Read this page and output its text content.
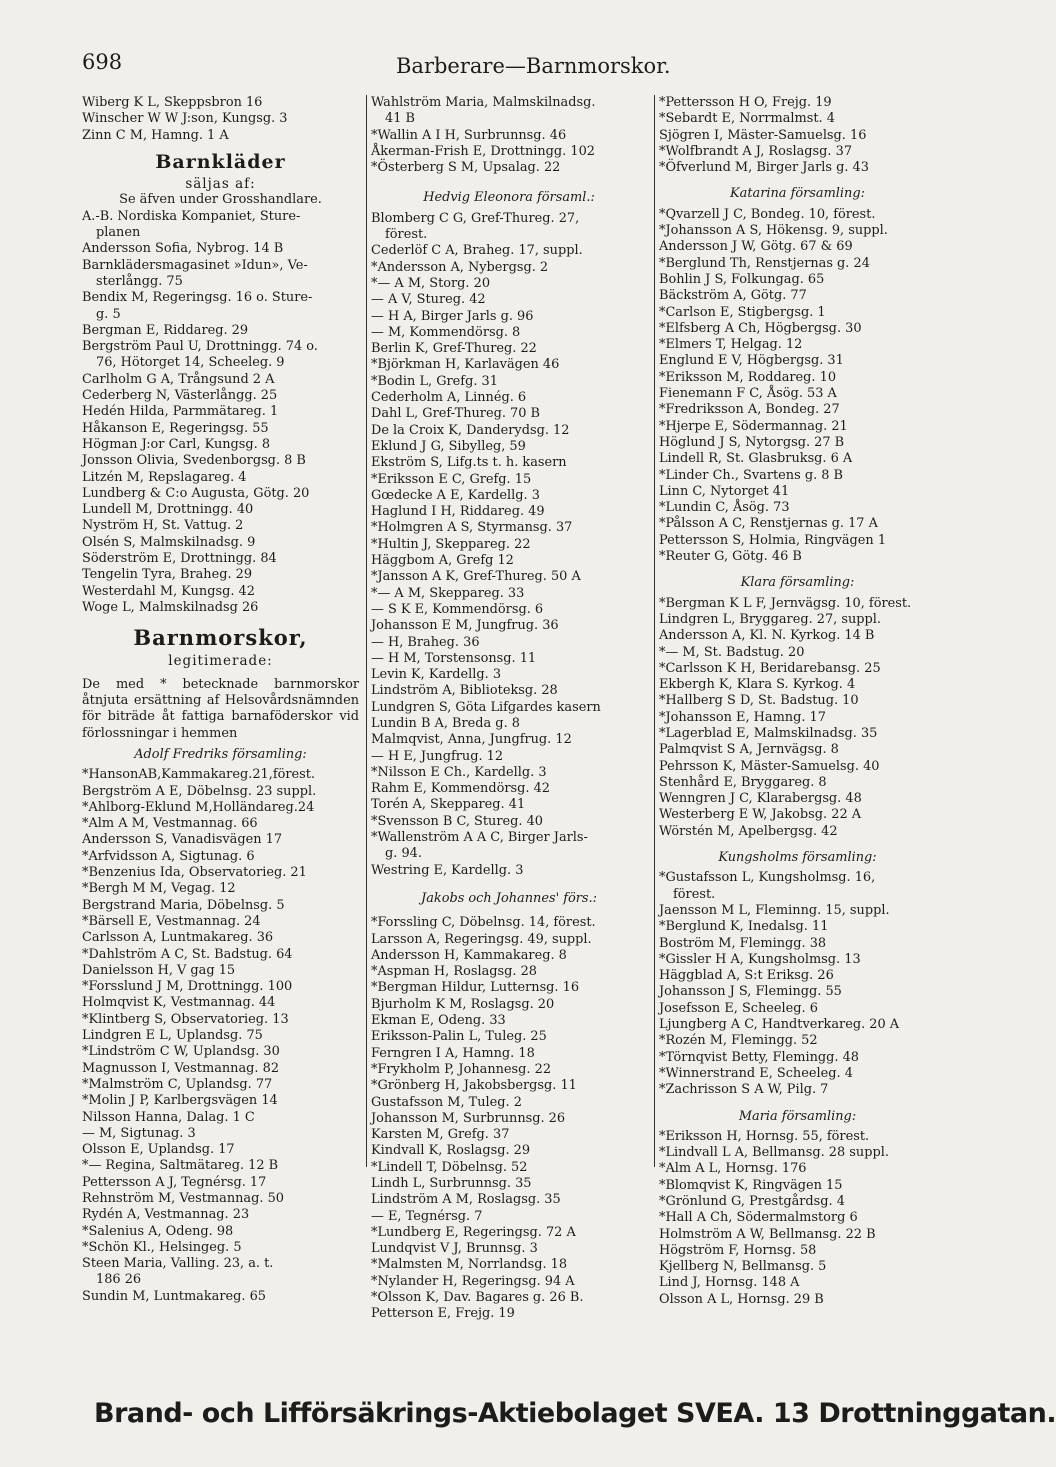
698	Barberare—Barnmorskor.
Wiberg K L, Skeppsbron 16
Winscher W W J:son, Kungsg. 3
Zinn C M, Hamng. 1 A
Barnkläder
säljas af:
Se äfven under Grosshandlare.
A.-B. Nordiska Kompaniet, Sture-
planen
Andersson Sofia, Nybrog. 14 B
Barnklädersmagasinet »Idun», Ve-
sterlångg. 75
Bendix M, Regeringsg. 16 o. Sture-
g. 5
Bergman E, Riddareg. 29
Bergström Paul U, Drottningg. 74 o.
76, Hötorget 14, Scheeleg. 9
Carlholm G A, Trångsund 2 A
Cederberg N, Västerlångg. 25
Hedén Hilda, Parmmätareg. 1
Håkanson E, Regeringsg. 55
Högman J:or Carl, Kungsg. 8
Jonsson Olivia, Svedenborgsg. 8 B
Litzén M, Repslagareg. 4
Lundberg & C:o Augusta, Götg. 20
Lundell M, Drottningg. 40
Nyström H, St. Vattug. 2
Olsén S, Malmskilnadsg. 9
Söderström E, Drottningg. 84
Tengelin Tyra, Braheg. 29
Westerdahl M, Kungsg. 42
Woge L, Malmskilnadsg 26
Barnmorskor,
legitimerade:
De med * betecknade barnmorskor åtnjuta ersättning af Helsovårdsnämnden för biträde åt fattiga barnaföderskor vid förlossningar i hemmen
Adolf Fredriks församling:
*HansonAB,Kammakareg.21,förest.
Bergström A E, Döbelnsg. 23 suppl.
*Ahlborg-Eklund M,Holländareg.24
*Alm A M, Vestmannag. 66
Andersson S, Vanadisvägen 17
*Arfvidsson A, Sigtunag. 6
*Benzenius Ida, Observatorieg. 21
*Bergh M M, Vegag. 12
Bergstrand Maria, Döbelnsg. 5
*Bärsell E, Vestmannag. 24
Carlsson A, Luntmakareg. 36
*Dahlström A C, St. Badstug. 64
Danielsson H, V gag 15
*Forsslund J M, Drottningg. 100
Holmqvist K, Vestmannag. 44
*Klintberg S, Observatorieg. 13
Lindgren E L, Uplandsg. 75
*Lindström C W, Uplandsg. 30
Magnusson I, Vestmannag. 82
*Malmström C, Uplandsg. 77
*Molin J P, Karlbergsvägen 14
Nilsson Hanna, Dalag. 1 C
— M, Sigtunag. 3
Olsson E, Uplandsg. 17
*— Regina, Saltmätareg. 12 B
Pettersson A J, Tegnérsg. 17
Rehnström M, Vestmannag. 50
Rydén A, Vestmannag. 23
*Salenius A, Odeng. 98
*Schön Kl., Helsingeg. 5
Steen Maria, Valling. 23, a. t.
186 26
Sundin M, Luntmakareg. 65
Wahlström Maria, Malmskilnadsg.
41 B
*Wallin A I H, Surbrunnsg. 46
Åkerman-Frish E, Drottningg. 102
*Österberg S M, Upsalag. 22
Hedvig Eleonora församl.:
Blomberg C G, Gref-Thureg. 27,
förest.
Cederlöf C A, Braheg. 17, suppl.
*Andersson A, Nybergsg. 2
*— A M, Storg. 20
— A V, Stureg. 42
— H A, Birger Jarls g. 96
— M, Kommendörsg. 8
Berlin K, Gref-Thureg. 22
*Björkman H, Karlavägen 46
*Bodin L, Grefg. 31
Cederholm A, Linnég. 6
Dahl L, Gref-Thureg. 70 B
De la Croix K, Danderydsg. 12
Eklund J G, Sibylleg, 59
Ekström S, Lifg.ts t. h. kasern
*Eriksson E C, Grefg. 15
Gœdecke A E, Kardellg. 3
Haglund I H, Riddareg. 49
*Holmgren A S, Styrmansg. 37
*Hultin J, Skeppareg. 22
Häggbom A, Grefg 12
*Jansson A K, Gref-Thureg. 50 A
*— A M, Skeppareg. 33
— S K E, Kommendörsg. 6
Johansson E M, Jungfrug. 36
— H, Braheg. 36
— H M, Torstensonsg. 11
Levin K, Kardellg. 3
Lindström A, Biblioteksg. 28
Lundgren S, Göta Lifgardes kasern
Lundin B A, Breda g. 8
Malmqvist, Anna, Jungfrug. 12
— H E, Jungfrug. 12
*Nilsson E Ch., Kardellg. 3
Rahm E, Kommendörsg. 42
Torén A, Skeppareg. 41
*Svensson B C, Stureg. 40
*Wallenström A A C, Birger Jarls-
g. 94.
Westring E, Kardellg. 3
Jakobs och Johannes' förs.:
*Forssling C, Döbelnsg. 14, förest.
Larsson A, Regeringsg. 49, suppl.
Andersson H, Kammakareg. 8
*Aspman H, Roslagsg. 28
*Bergman Hildur, Lutternsg. 16
Bjurholm K M, Roslagsg. 20
Ekman E, Odeng. 33
Eriksson-Palin L, Tuleg. 25
Ferngren I A, Hamng. 18
*Frykholm P, Johannesg. 22
*Grönberg H, Jakobsbergsg. 11
Gustafsson M, Tuleg. 2
Johansson M, Surbrunnsg. 26
Karsten M, Grefg. 37
Kindvall K, Roslagsg. 29
*Lindell T, Döbelnsg. 52
Lindh L, Surbrunnsg. 35
Lindström A M, Roslagsg. 35
— E, Tegnérsg. 7
*Lundberg E, Regeringsg. 72 A
Lundqvist V J, Brunnsg. 3
*Malmsten M, Norrlandsg. 18
*Nylander H, Regeringsg. 94 A
*Olsson K, Dav. Bagares g. 26 B.
Petterson E, Frejg. 19
*Pettersson H O, Frejg. 19
*Sebardt E, Norrmalmst. 4
Sjögren I, Mäster-Samuelsg. 16
*Wolfbrandt A J, Roslagsg. 37
*Öfverlund M, Birger Jarls g. 43
Katarina församling:
*Qvarzell J C, Bondeg. 10, förest.
*Johansson A S, Hökensg. 9, suppl.
Andersson J W, Götg. 67 & 69
*Berglund Th, Renstjernas g. 24
Bohlin J S, Folkungag. 65
Bäckström A, Götg. 77
*Carlson E, Stigbergsg. 1
*Elfsberg A Ch, Högbergsg. 30
*Elmers T, Helgag. 12
Englund E V, Högbergsg. 31
*Eriksson M, Roddareg. 10
Fienemann F C, Åsög. 53 A
*Fredriksson A, Bondeg. 27
*Hjerpe E, Södermannag. 21
Höglund J S, Nytorgsg. 27 B
Lindell R, St. Glasbruksg. 6 A
*Linder Ch., Svartens g. 8 B
Linn C, Nytorget 41
*Lundin C, Åsög. 73
*Pålsson A C, Renstjernas g. 17 A
Pettersson S, Holmia, Ringvägen 1
*Reuter G, Götg. 46 B
Klara församling:
*Bergman K L F, Jernvägsg. 10, förest.
Lindgren L, Bryggareg. 27, suppl.
Andersson A, Kl. N. Kyrkog. 14 B
*— M, St. Badstug. 20
*Carlsson K H, Beridarebansg. 25
Ekbergh K, Klara S. Kyrkog. 4
*Hallberg S D, St. Badstug. 10
*Johansson E, Hamng. 17
*Lagerblad E, Malmskilnadsg. 35
Palmqvist S A, Jernvägsg. 8
Pehrsson K, Mäster-Samuelsg. 40
Stenhård E, Bryggareg. 8
Wenngren J C, Klarabergsg. 48
Westerberg E W, Jakobsg. 22 A
Wörstén M, Apelbergsg. 42
Kungsholms församling:
*Gustafsson L, Kungsholmsg. 16,
förest.
Jaensson M L, Fleminng. 15, suppl.
*Berglund K, Inedalsg. 11
Boström M, Flemingg. 38
*Gissler H A, Kungsholmsg. 13
Häggblad A, S:t Eriksg. 26
Johansson J S, Flemingg. 55
Josefsson E, Scheeleg. 6
Ljungberg A C, Handtverkareg. 20 A
*Rozén M, Flemingg. 52
*Törnqvist Betty, Flemingg. 48
*Winnerstrand E, Scheeleg. 4
*Zachrisson S A W, Pilg. 7
Maria församling:
*Eriksson H, Hornsg. 55, förest.
*Lindvall L A, Bellmansg. 28 suppl.
*Alm A L, Hornsg. 176
*Blomqvist K, Ringvägen 15
*Grönlund G, Prestgårdsg. 4
*Hall A Ch, Södermalmstorg 6
Holmström A W, Bellmansg. 22 B
Högström F, Hornsg. 58
Kjellberg N, Bellmansg. 5
Lind J, Hornsg. 148 A
Olsson A L, Hornsg. 29 B
Brand- och Lifförsäkrings-Aktiebolaget SVEA. 13 Drottninggatan.
